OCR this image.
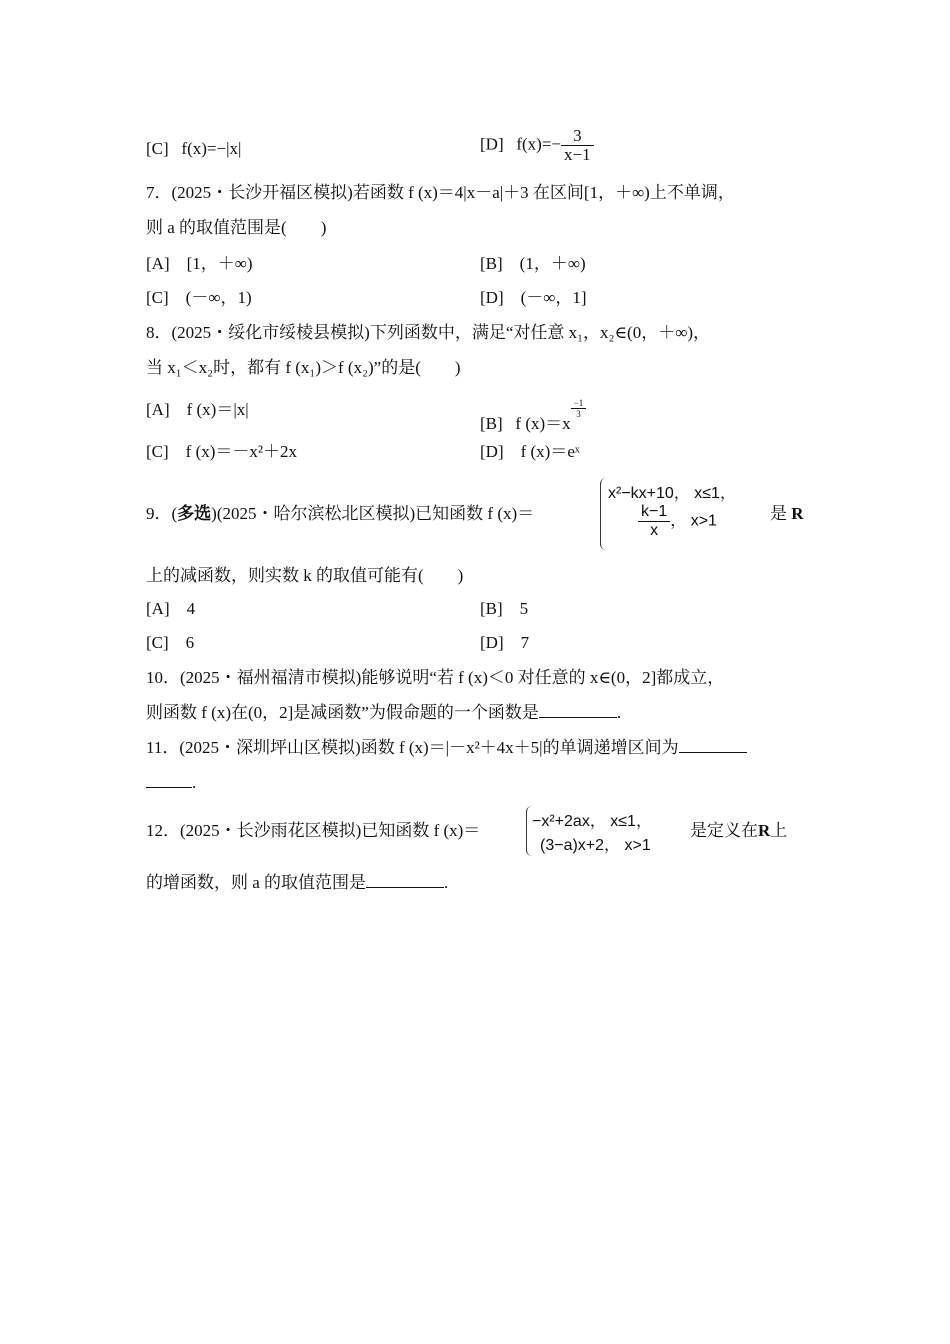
[C] f(x)=−|x|	[D] $f(x)=- \frac{3}{x-1}$
7．(2025・长沙开福区模拟)若函数 f (x)＝4|x－a|＋3 在区间[1，＋∞)上不单调，
则 a 的取值范围是(　　)
[A]　[1，＋∞)	[B]　(1，＋∞)
[C]　(－∞，1)	[D]　(－∞，1]
8．(2025・绥化市绥棱县模拟)下列函数中，满足“对任意 x₁，x₂∈(0，＋∞)，
当 x₁＜x₂时，都有 f (x₁)＞f (x₂)”的是(　　)
[A]　f (x)＝|x|
[B] f (x)＝x
$\frac{-1}{3}$
[C]　f (x)＝－x²＋2x	[D]　f (x)＝eˣ
9．(多选)(2025・哈尔滨松北区模拟)已知函数 f (x)＝
x²−kx+10， x≤1，
$\frac{k-1}{x}$ ， x>1	是 R
上的减函数，则实数 k 的取值可能有(　　)
[A]　4	[B]　5
[C]　6	[D]　7
10．(2025・福州福清市模拟)能够说明“若 f (x)＜0 对任意的 x∈(0，2]都成立，
则函数 f (x)在(0，2]是减函数”为假命题的一个函数是	.
11．(2025・深圳坪山区模拟)函数 f (x)＝|－x²＋4x＋5|的单调递增区间为
.
12．(2025・长沙雨花区模拟)已知函数 f (x)＝	−x²+2ax， x≤1，
(3−a)x+2， x>1
是定义在R上
的增函数，则 a 的取值范围是	.
